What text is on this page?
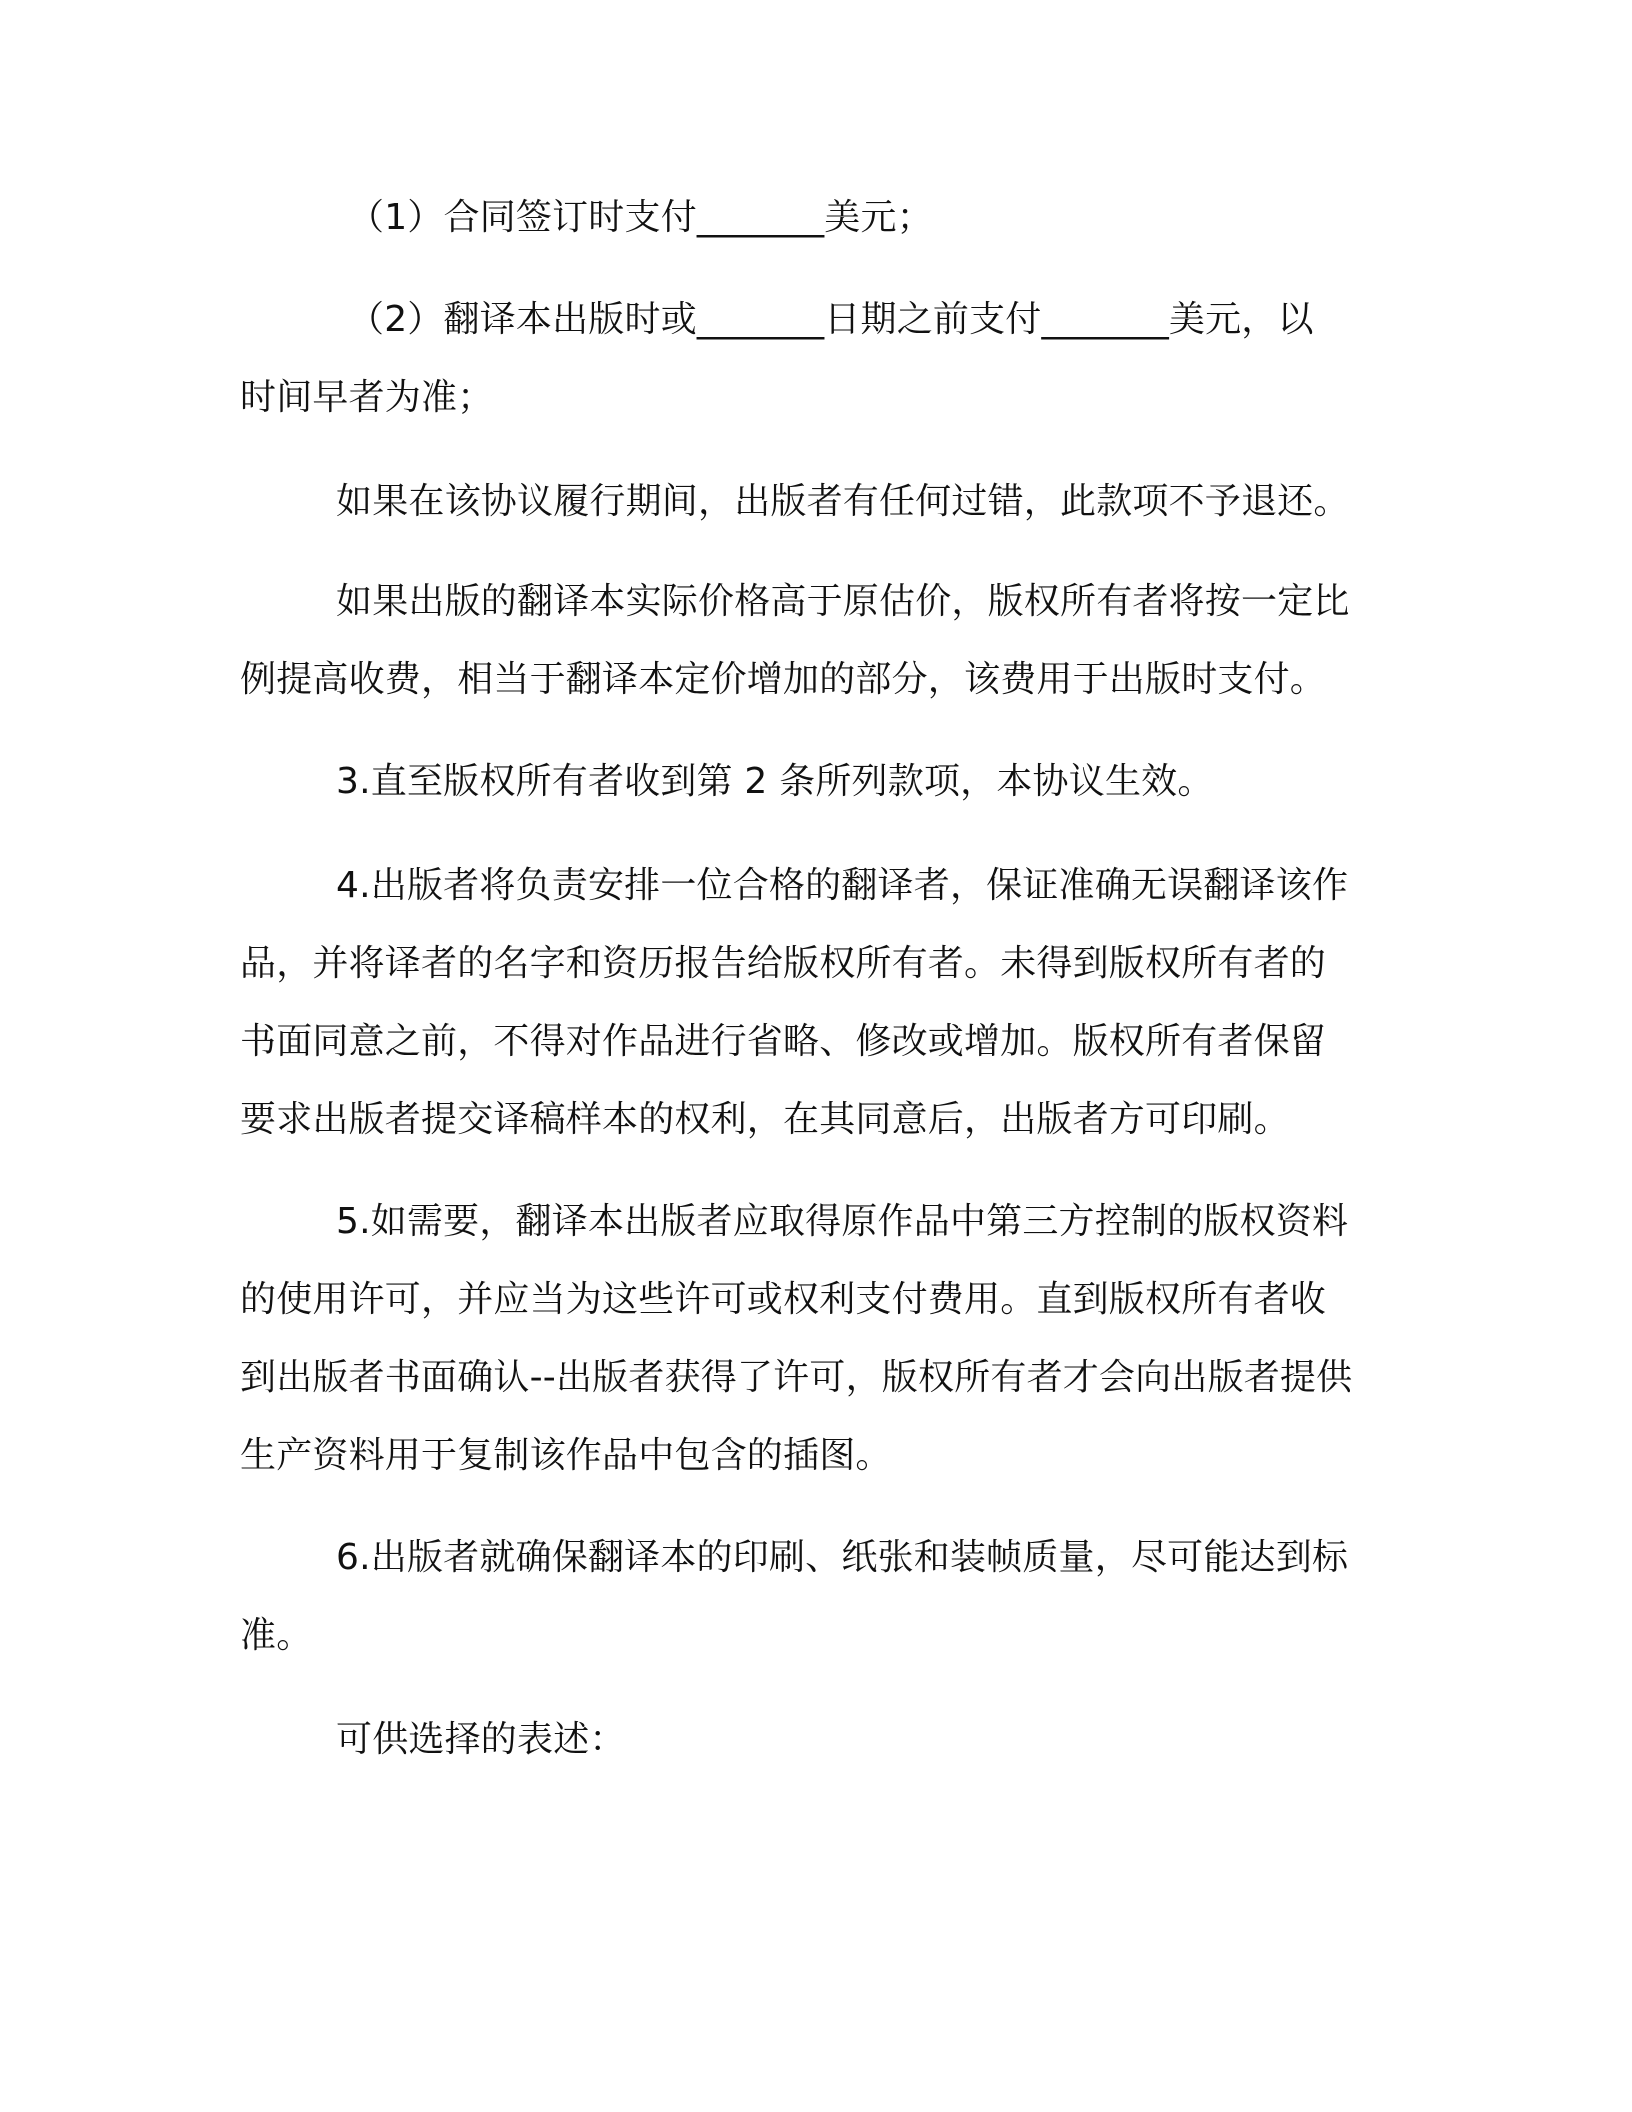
（1）合同签订时支付_______美元；
（2）翻译本出版时或_______日期之前支付_______美元，以
时间早者为准；
如果在该协议履行期间，出版者有任何过错，此款项不予退还。
如果出版的翻译本实际价格高于原估价，版权所有者将按一定比
例提高收费，相当于翻译本定价增加的部分，该费用于出版时支付。
3.直至版权所有者收到第 2 条所列款项，本协议生效。
4.出版者将负责安排一位合格的翻译者，保证准确无误翻译该作
品，并将译者的名字和资历报告给版权所有者。未得到版权所有者的
书面同意之前，不得对作品进行省略、修改或增加。版权所有者保留
要求出版者提交译稿样本的权利，在其同意后，出版者方可印刷。
5.如需要，翻译本出版者应取得原作品中第三方控制的版权资料
的使用许可，并应当为这些许可或权利支付费用。直到版权所有者收
到出版者书面确认--出版者获得了许可，版权所有者才会向出版者提供
生产资料用于复制该作品中包含的插图。
6.出版者就确保翻译本的印刷、纸张和装帧质量，尽可能达到标
准。
可供选择的表述：
